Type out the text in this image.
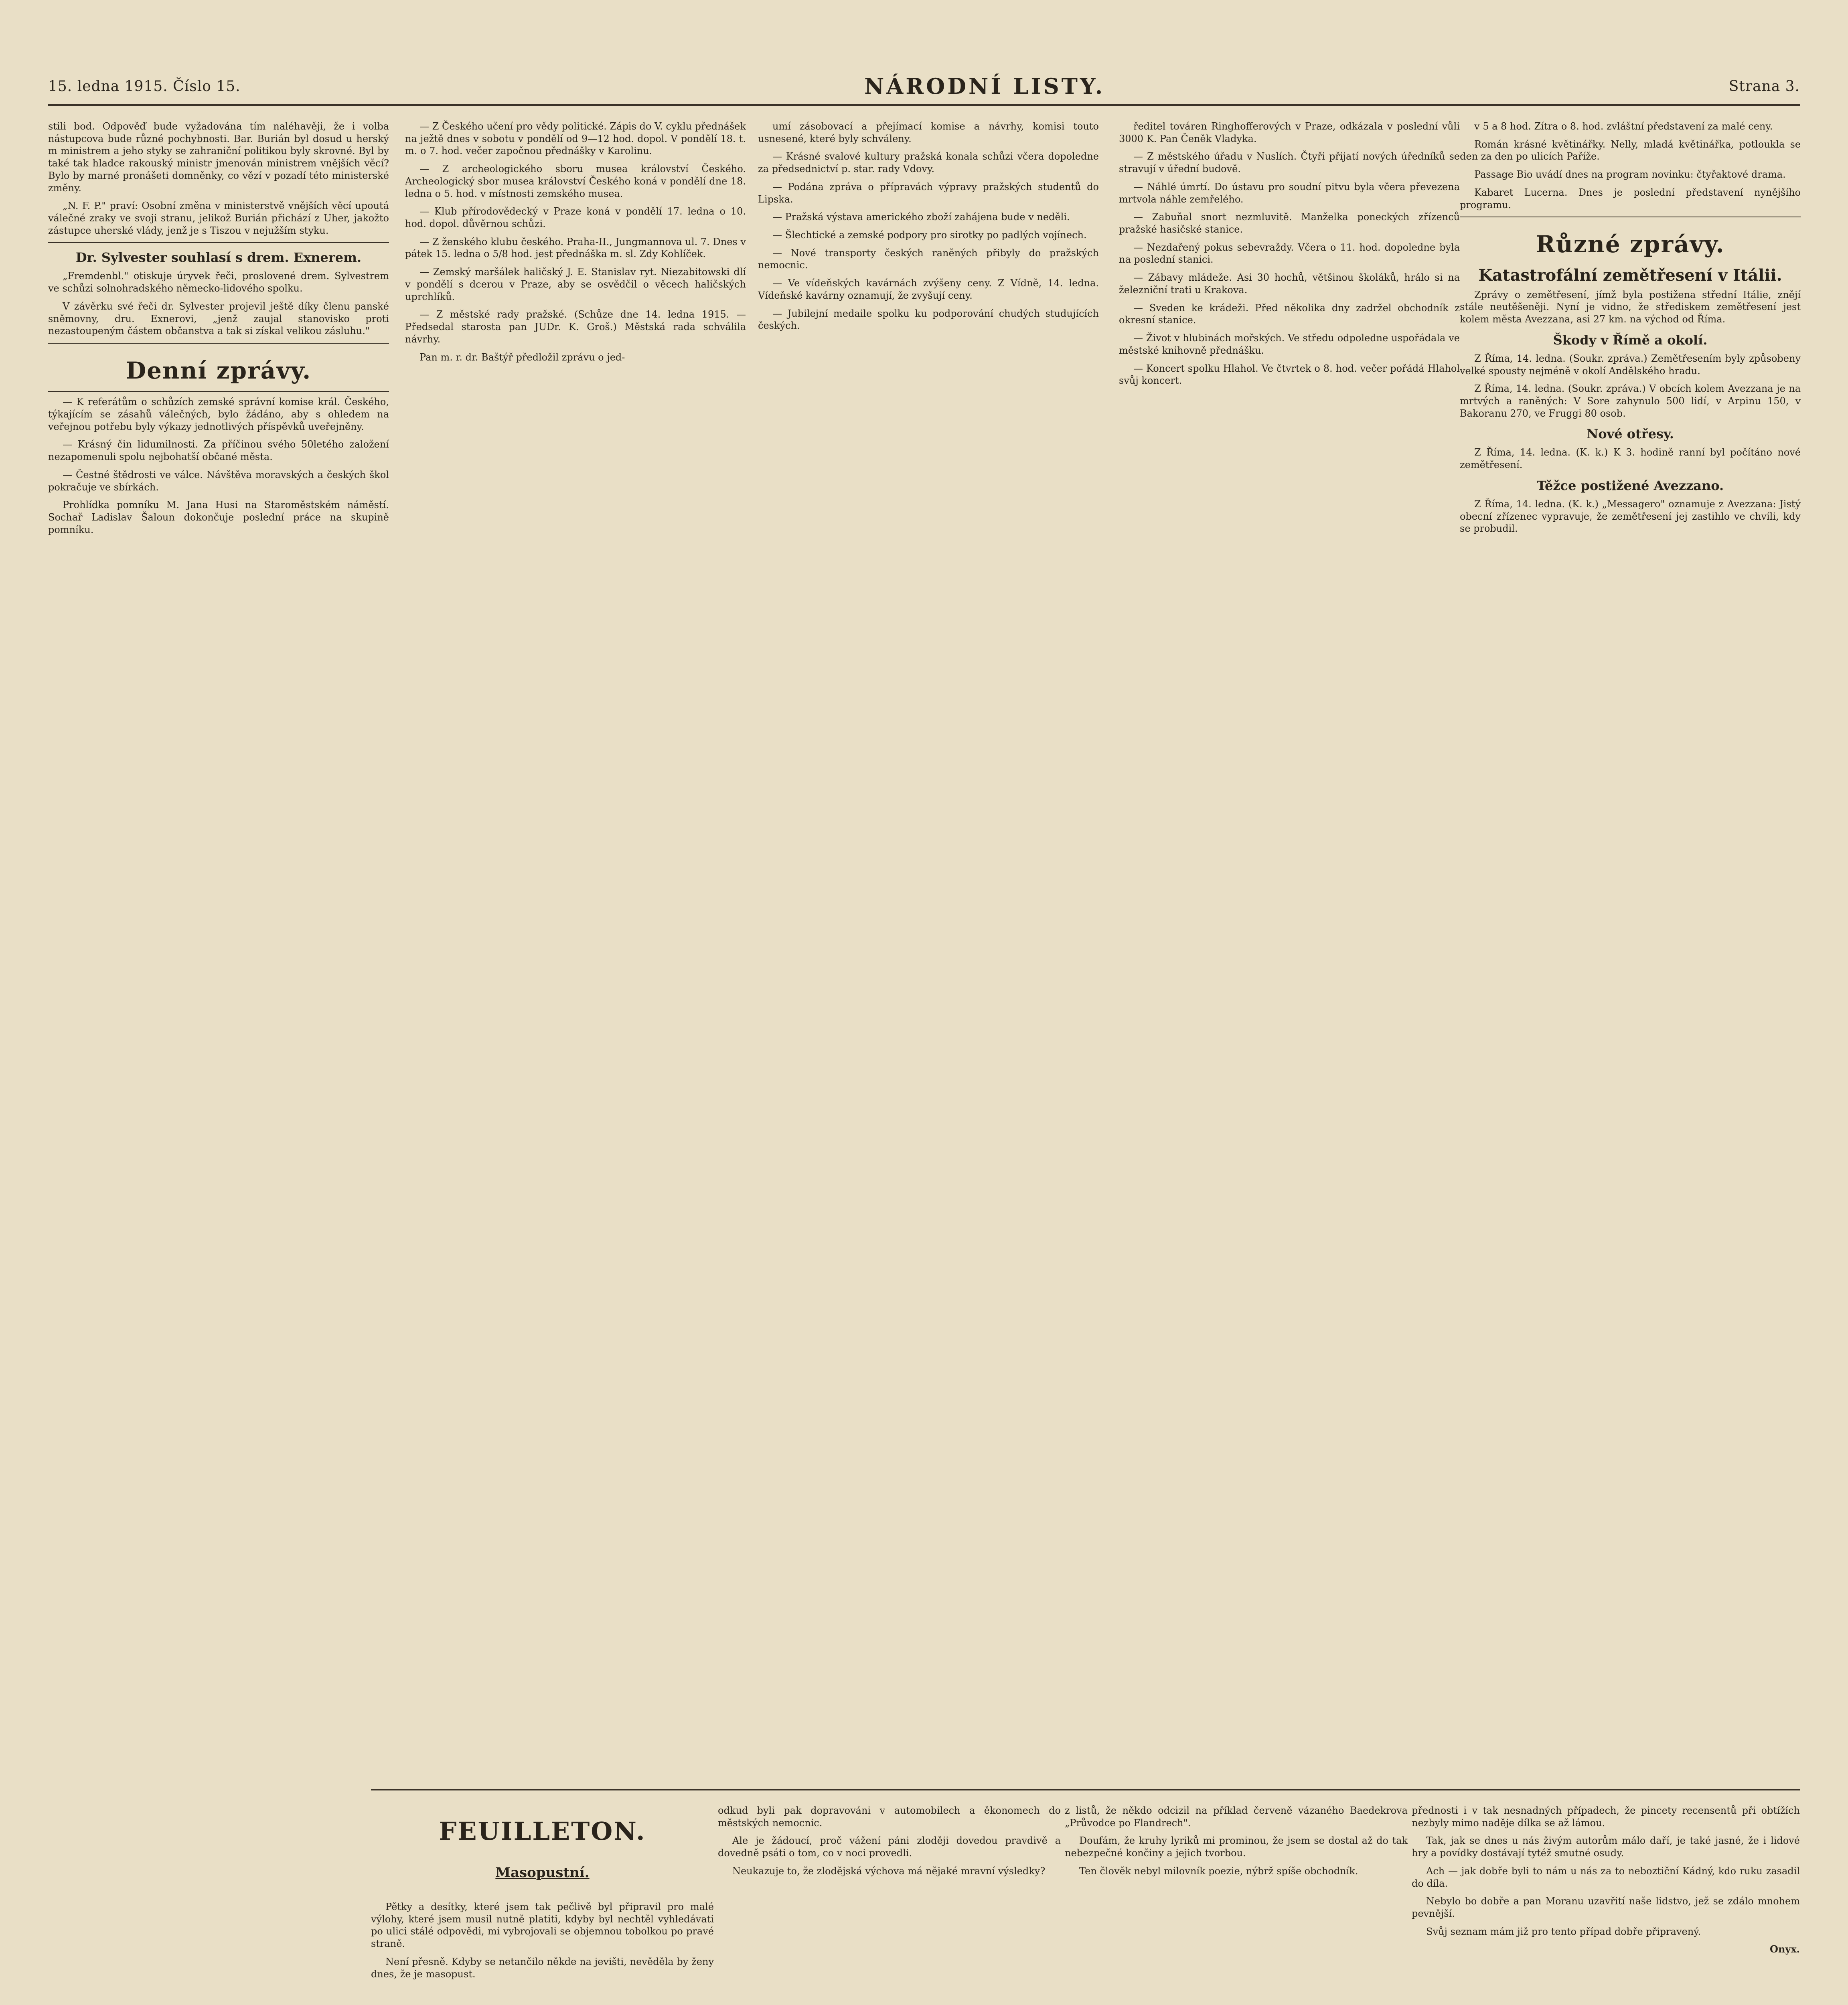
15. ledna 1915. Číslo 15.	NÁRODNÍ LISTY.	Strana 3.

stili bod. Odpověď bude vyžadována tím naléhavěji, že i volba nástupcova bude různé pochybnosti. Bar. Burián byl dosud u herský m ministrem a jeho styky se zahraniční politikou byly skrovné. Byl by také tak hladce rakouský ministr jmenován ministrem vnějších věcí? Bylo by marné pronášeti domněnky, co vězí v pozadí této ministerské změny.

„N. F. P." praví: Osobní změna v ministerstvě vnějších věcí upoutá válečné zraky ve svoji stranu, jelikož Burián přichází z Uher, jakožto zástupce uherské vlády, jenž je s Tiszou v nejužším styku.

Dr. Sylvester souhlasí s drem. Exnerem.

„Fremdenbl." otiskuje úryvek řeči, proslovené drem. Sylvestrem ve schůzi solnohradského německo-lidového spolku.

V závěrku své řeči dr. Sylvester projevil ještě díky členu panské sněmovny, dru. Exnerovi, „jenž zaujal stanovisko proti nezastoupeným částem občanstva a tak si získal velikou zásluhu."

Denní zprávy.

— K referátům o schůzích zemské správní komise král. Českého, týkajícím se zásahů válečných, bylo žádáno, aby s ohledem na veřejnou potřebu byly výkazy jednotlivých příspěvků uveřejněny.

— Krásný čin lidumilnosti. Za příčinou svého 50letého založení nezapomenuli spolu nejbohatší občané města.

— Čestné štědrosti ve válce. Návštěva moravských a českých škol pokračuje ve sbírkách.

Prohlídka pomníku M. Jana Husi na Staroměstském náměstí. Sochař Ladislav Šaloun dokončuje poslední práce na skupině pomníku.

— Z Českého učení pro vědy politické. Zápis do V. cyklu přednášek na ježtě dnes v sobotu v pondělí od 9—12 hod. dopol. V pondělí 18. t. m. o 7. hod. večer započnou přednášky v Karolinu.

— Z archeologického sboru musea království Českého. Archeologický sbor musea království Českého koná v pondělí dne 18. ledna o 5. hod. v místnosti zemského musea.

— Klub přírodovědecký v Praze koná v pondělí 17. ledna o 10. hod. dopol. důvěrnou schůzi.

— Z ženského klubu českého. Praha-II., Jungmannova ul. 7. Dnes v pátek 15. ledna o 5/8 hod. jest přednáška m. sl. Zdy Kohlíček.

— Zemský maršálek haličský J. E. Stanislav ryt. Niezabitowski dlí v pondělí s dcerou v Praze, aby se osvědčil o věcech haličských uprchlíků.

— Z městské rady pražské. (Schůze dne 14. ledna 1915. — Předsedal starosta pan JUDr. K. Groš.) Městská rada schválila návrhy.

Pan m. r. dr. Baštýř předložil zprávu o jed-

umí zásobovací a přejímací komise a návrhy, komisi touto usnesené, které byly schváleny.

— Krásné svalové kultury pražská konala schůzi včera dopoledne za předsednictví p. star. rady Vdovy.

— Podána zpráva o přípravách výpravy pražských studentů do Lipska.

— Pražská výstava amerického zboží zahájena bude v neděli.

— Šlechtické a zemské podpory pro sirotky po padlých vojínech.

— Nové transporty českých raněných přibyly do pražských nemocnic.

— Ve vídeňských kavárnách zvýšeny ceny. Z Vídně, 14. ledna. Vídeňské kavárny oznamují, že zvyšují ceny.

— Jubilejní medaile spolku ku podporování chudých studujících českých.

ředitel továren Ringhofferových v Praze, odkázala v poslední vůli 3000 K. Pan Čeněk Vladyka.

— Z městského úřadu v Nuslích. Čtyři přijatí nových úředníků se stravují v úřední budově.

— Náhlé úmrtí. Do ústavu pro soudní pitvu byla včera převezena mrtvola náhle zemřelého.

— Zabuňal snort nezmluvitě. Manželka poneckých zřízenců pražské hasičské stanice.

— Nezdařený pokus sebevraždy. Včera o 11. hod. dopoledne byla na poslední stanici.

— Zábavy mládeže. Asi 30 hochů, většinou školáků, hrálo si na železniční trati u Krakova.

— Sveden ke krádeži. Před několika dny zadržel obchodník z okresní stanice.

— Život v hlubinách mořských. Ve středu odpoledne uspořádala ve městské knihovně přednášku.

— Koncert spolku Hlahol. Ve čtvrtek o 8. hod. večer pořádá Hlahol svůj koncert.

v 5 a 8 hod. Zítra o 8. hod. zvláštní představení za malé ceny.

Román krásné květinářky. Nelly, mladá květinářka, potloukla se den za den po ulicích Paříže.

Passage Bio uvádí dnes na program novinku: čtyřaktové drama.

Kabaret Lucerna. Dnes je poslední představení nynějšího programu.

Různé zprávy.
Katastrofální zemětřesení v Itálii.

Zprávy o zemětřesení, jímž byla postižena střední Itálie, znějí stále neutěšeněji. Nyní je vidno, že střediskem zemětřesení jest kolem města Avezzana, asi 27 km. na východ od Říma.

Škody v Římě a okolí.

Z Říma, 14. ledna. (Soukr. zpráva.) Zemětřesením byly způsobeny velké spousty nejméně v okolí Andělského hradu.

Z Říma, 14. ledna. (Soukr. zpráva.) V obcích kolem Avezzana je na mrtvých a raněných: V Sore zahynulo 500 lidí, v Arpinu 150, v Bakoranu 270, ve Fruggi 80 osob.

Nové otřesy.

Z Říma, 14. ledna. (K. k.) K 3. hodině ranní byl počítáno nové zemětřesení.

Těžce postižené Avezzano.

Z Říma, 14. ledna. (K. k.) „Messagero" oznamuje z Avezzana: Jistý obecní zřízenec vypravuje, že zemětřesení jej zastihlo ve chvíli, kdy se probudil.

FEUILLETON.
Masopustní.

Pětky a desítky, které jsem tak pečlivě byl připravil pro malé výlohy, které jsem musil nutně platiti, kdyby byl nechtěl vyhledávati po ulici stálé odpovědi, mi vybrojovali se objemnou tobolkou po pravé straně.

Není přesně. Kdyby se netančilo někde na jevišti, nevěděla by ženy dnes, že je masopust.

odkud byli pak dopravováni v automobilech a ěkonomech do městských nemocnic.

Ale je žádoucí, proč vážení páni zloději dovedou pravdivě a dovedně psáti o tom, co v noci provedli.

Neukazuje to, že zlodějská výchova má nějaké mravní výsledky?

z listů, že někdo odcizil na příklad červeně vázaného Baedekrova „Průvodce po Flandrech".

Doufám, že kruhy lyriků mi prominou, že jsem se dostal až do tak nebezpečné končiny a jejich tvorbou.

Ten člověk nebyl milovník poezie, nýbrž spíše obchodník.

přednosti i v tak nesnadných případech, že pincety recensentů při obtížích nezbyly mimo naděje dílka se až lámou.

Tak, jak se dnes u nás živým autorům málo daří, je také jasné, že i lidové hry a povídky dostávají tytéž smutné osudy.

Ach — jak dobře byli to nám u nás za to neboztiční Kádný, kdo ruku zasadil do díla.

Nebylo bo dobře a pan Moranu uzavřití naše lidstvo, jež se zdálo mnohem pevnější.

Svůj seznam mám již pro tento případ dobře připravený.

Onyx.
